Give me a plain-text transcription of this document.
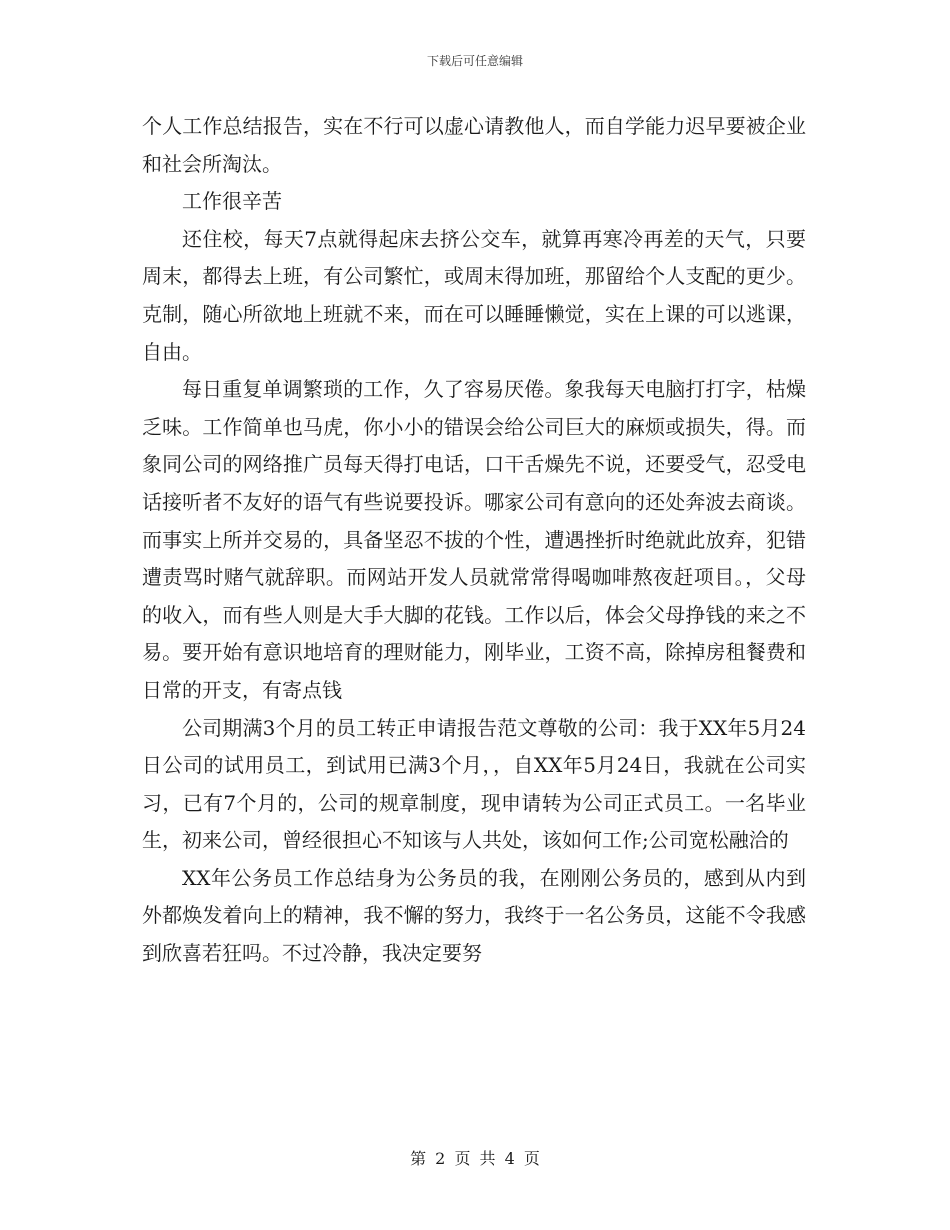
下载后可任意编辑

个人工作总结报告，实在不行可以虚心请教他人，而自学能力迟早要被企业和社会所淘汰。

工作很辛苦

还住校，每天7点就得起床去挤公交车，就算再寒冷再差的天气，只要周末，都得去上班，有公司繁忙，或周末得加班，那留给个人支配的更少。克制，随心所欲地上班就不来，而在可以睡睡懒觉，实在上课的可以逃课，自由。

每日重复单调繁琐的工作，久了容易厌倦。象我每天电脑打打字，枯燥乏味。工作简单也马虎，你小小的错误会给公司巨大的麻烦或损失，得。而象同公司的网络推广员每天得打电话，口干舌燥先不说，还要受气，忍受电话接听者不友好的语气有些说要投诉。哪家公司有意向的还处奔波去商谈。而事实上所并交易的，具备坚忍不拔的个性，遭遇挫折时绝就此放弃，犯错遭责骂时赌气就辞职。而网站开发人员就常常得喝咖啡熬夜赶项目。，父母的收入，而有些人则是大手大脚的花钱。工作以后，体会父母挣钱的来之不易。要开始有意识地培育的理财能力，刚毕业，工资不高，除掉房租餐费和日常的开支，有寄点钱

公司期满3个月的员工转正申请报告范文尊敬的公司：我于XX年5月24日公司的试用员工，到试用已满3个月，，自XX年5月24日，我就在公司实习，已有7个月的，公司的规章制度，现申请转为公司正式员工。一名毕业生，初来公司，曾经很担心不知该与人共处，该如何工作;公司宽松融洽的

XX年公务员工作总结身为公务员的我，在刚刚公务员的，感到从内到外都焕发着向上的精神，我不懈的努力，我终于一名公务员，这能不令我感到欣喜若狂吗。不过冷静，我决定要努

第 2 页 共 4 页
